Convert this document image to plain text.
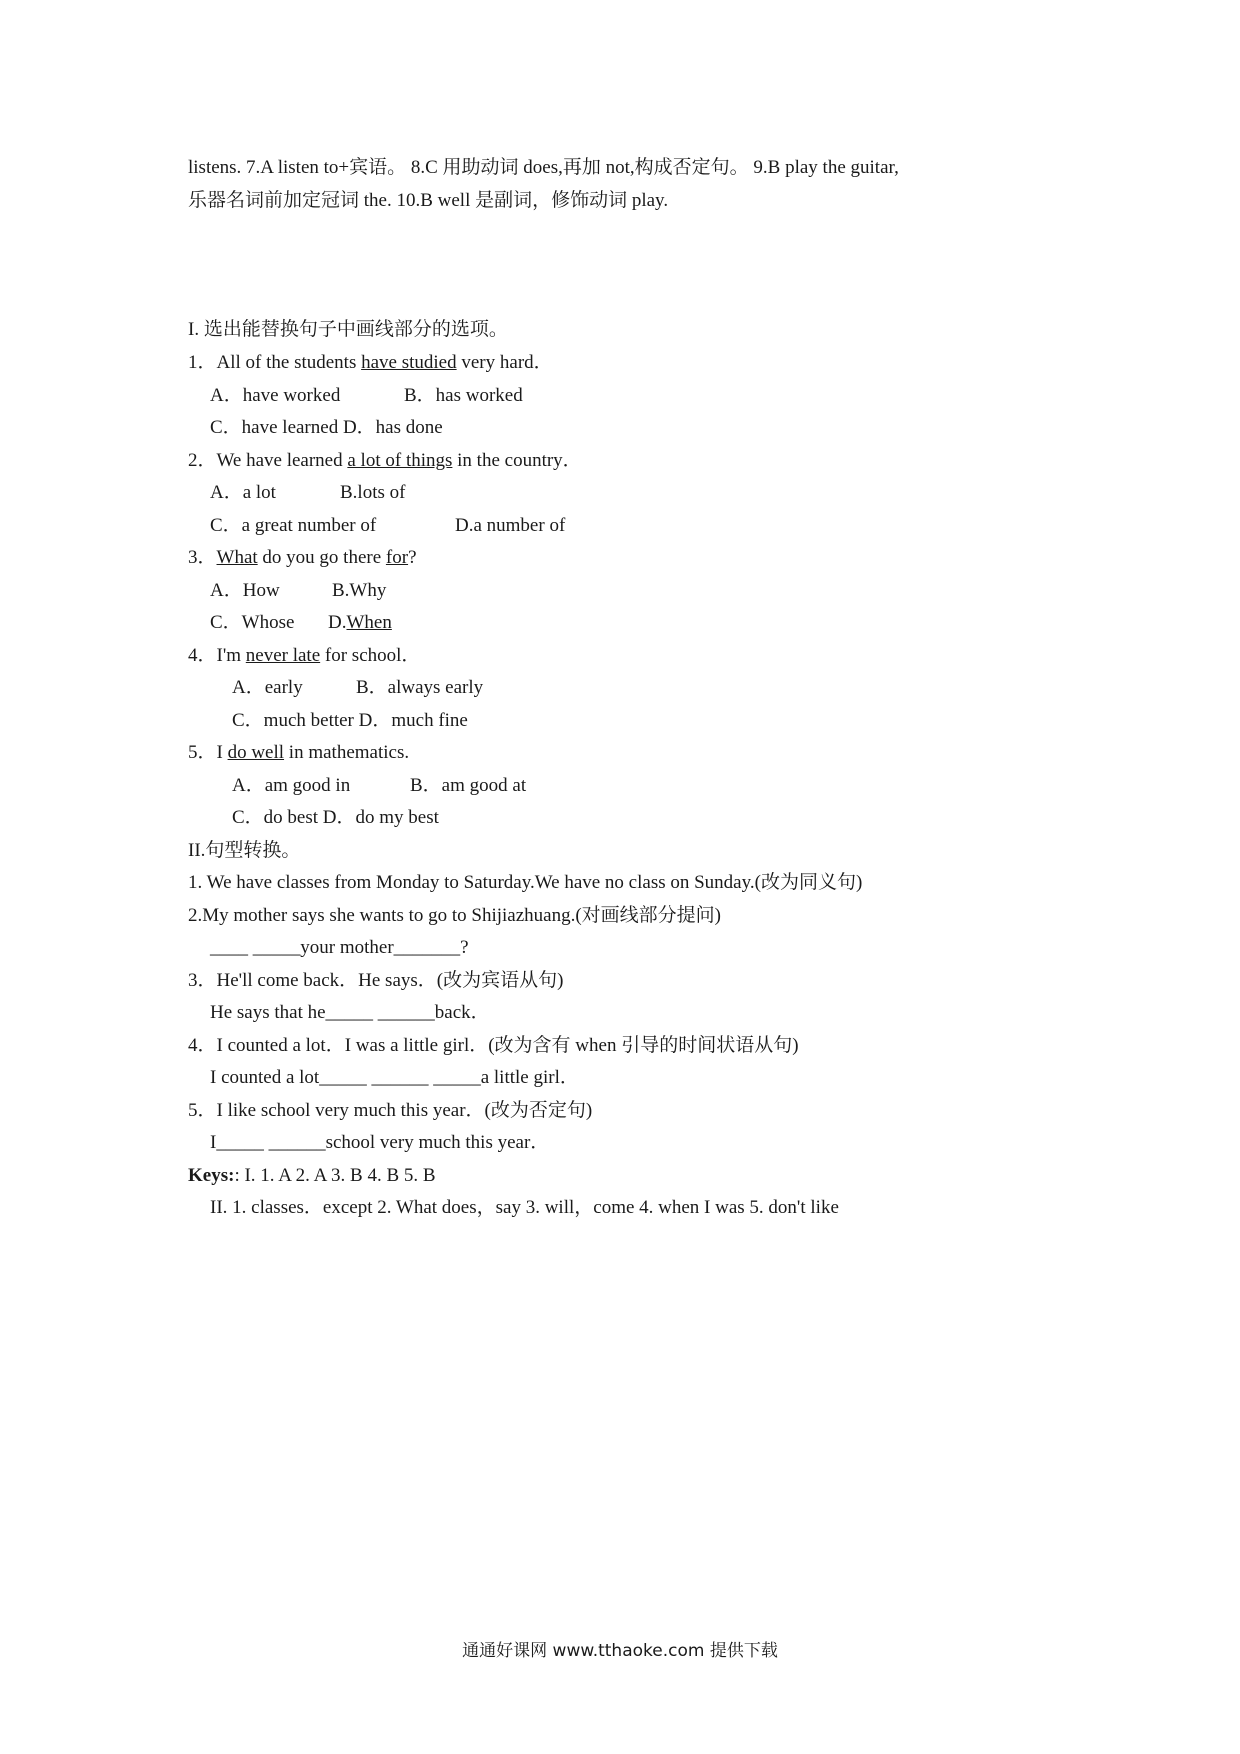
listens. 7.A listen to+宾语。 8.C 用助动词 does,再加 not,构成否定句。 9.B play the guitar,
乐器名词前加定冠词 the. 10.B well 是副词，修饰动词 play.
I. 选出能替换句子中画线部分的选项。
1．All of the students have studied very hard．
A．have worked	B．has worked
C．have learned D．has done
2．We have learned a lot of things in the country．
A．a lot	B.lots of
C．a great number of	D.a number of
3．What do you go there for?
A．How	B.Why
C．Whose D.When
4．I'm never late for school．
A．early	B．always early
C．much better D．much fine
5．I do well in mathematics.
A．am good in	B．am good at
C．do best D．do my best
II.句型转换。
1. We have classes from Monday to Saturday.We have no class on Sunday.(改为同义句)
2.My mother says she wants to go to Shijiazhuang.(对画线部分提问)
____ _____your mother_______?
3．He'll come back．He says．(改为宾语从句)
He says that he_____ ______back．
4．I counted a lot．I was a little girl．(改为含有 when 引导的时间状语从句)
I counted a lot_____ ______ _____a little girl．
5．I like school very much this year．(改为否定句)
I_____ ______school very much this year．
Keys:: I. 1. A 2. A 3. B 4. B 5. B
II. 1. classes．except 2. What does，say 3. will，come 4. when I was 5. don't like
通通好课网 www.tthaoke.com 提供下载
